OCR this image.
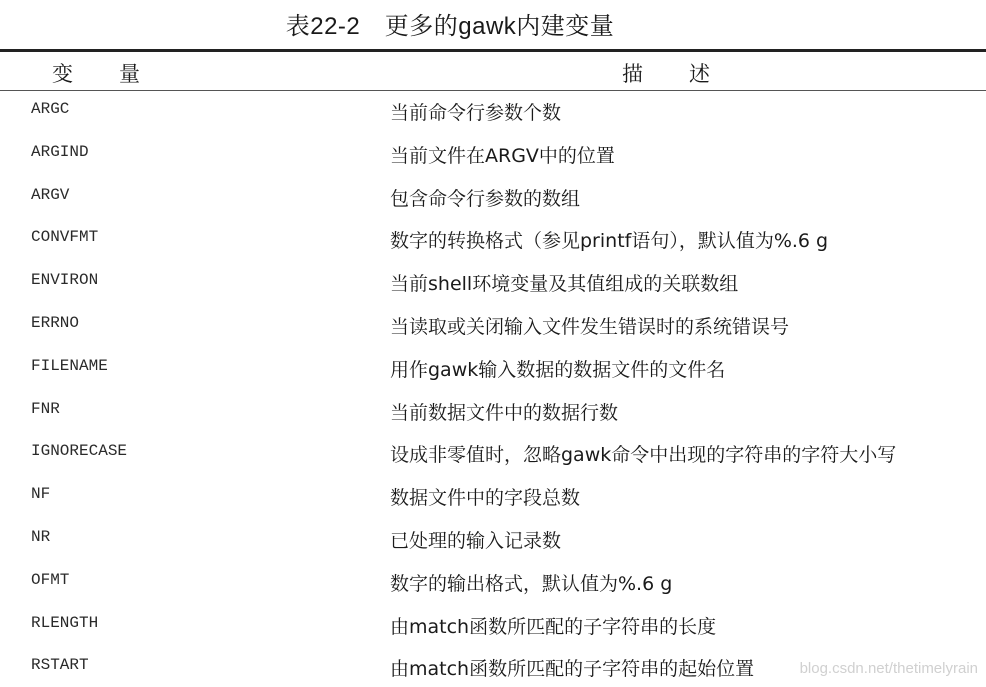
表22-2　更多的gawk内建变量
变量	描述
ARGC	当前命令行参数个数
ARGIND	当前文件在ARGV中的位置
ARGV	包含命令行参数的数组
CONVFMT	数字的转换格式（参见printf语句），默认值为%.6 g
ENVIRON	当前shell环境变量及其值组成的关联数组
ERRNO	当读取或关闭输入文件发生错误时的系统错误号
FILENAME	用作gawk输入数据的数据文件的文件名
FNR	当前数据文件中的数据行数
IGNORECASE	设成非零值时，忽略gawk命令中出现的字符串的字符大小写
NF	数据文件中的字段总数
NR	已处理的输入记录数
OFMT	数字的输出格式，默认值为%.6 g
RLENGTH	由match函数所匹配的子字符串的长度
RSTART	由match函数所匹配的子字符串的起始位置	blog.csdn.net/thetimelyrain
